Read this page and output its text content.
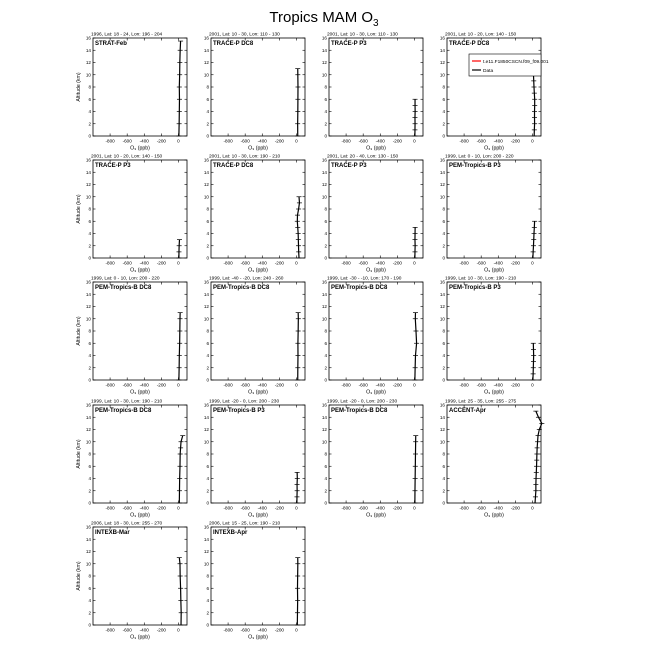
Tropics MAM $O_3$
1996, Lat: 18 - 24, Lon: 196 - 204
STRAT-Feb
0
2
4
6
8
10
12
14
16
-800 -600 -400 -200 0
O₃ (ppb)
Altitude (km)
2001, Lat: 10 - 30, Lon: 110 - 130
TRACE-P DC8
0
2
4
6
8
10
12
14
16
-800 -600 -400 -200 0
O₃ (ppb)
2001, Lat: 10 - 30, Lon: 110 - 130
TRACE-P P3
0
2
4
6
8
10
12
14
16
-800 -600 -400 -200 0
O₃ (ppb)
2001, Lat: 10 - 20, Lon: 140 - 150
TRACE-P DC8
0
2
4
6
8
10
12
14
16
-800 -600 -400 -200 0
O₃ (ppb)
t.e11.F1850CSCN.f09_f09.001
Data
2001, Lat: 10 - 20, Lon: 140 - 150
TRACE-P P3
0
2
4
6
8
10
12
14
16
-800 -600 -400 -200 0
O₃ (ppb)
Altitude (km)
2001, Lat: 10 - 30, Lon: 190 - 210
TRACE-P DC8
0
2
4
6
8
10
12
14
16
-800 -600 -400 -200 0
O₃ (ppb)
2001, Lat: 20 - 40, Lon: 130 - 150
TRACE-P P3
0
2
4
6
8
10
12
14
16
-800 -600 -400 -200 0
O₃ (ppb)
1999, Lat: 0 - 10, Lon: 200 - 220
PEM-Tropics-B P3
0
2
4
6
8
10
12
14
16
-800 -600 -400 -200 0
O₃ (ppb)
1999, Lat: 0 - 10, Lon: 200 - 220
PEM-Tropics-B DC8
0
2
4
6
8
10
12
14
16
-800 -600 -400 -200 0
O₃ (ppb)
Altitude (km)
1999, Lat: -40 - -20, Lon: 240 - 260
PEM-Tropics-B DC8
0
2
4
6
8
10
12
14
16
-800 -600 -400 -200 0
O₃ (ppb)
1999, Lat: -30 - -10, Lon: 170 - 190
PEM-Tropics-B DC8
0
2
4
6
8
10
12
14
16
-800 -600 -400 -200 0
O₃ (ppb)
1999, Lat: 10 - 30, Lon: 190 - 210
PEM-Tropics-B P3
0
2
4
6
8
10
12
14
16
-800 -600 -400 -200 0
O₃ (ppb)
1999, Lat: 10 - 30, Lon: 190 - 210
PEM-Tropics-B DC8
0
2
4
6
8
10
12
14
16
-800 -600 -400 -200 0
O₃ (ppb)
Altitude (km)
1999, Lat: -20 - 0, Lon: 200 - 230
PEM-Tropics-B P3
0
2
4
6
8
10
12
14
16
-800 -600 -400 -200 0
O₃ (ppb)
1999, Lat: -20 - 0, Lon: 200 - 230
PEM-Tropics-B DC8
0
2
4
6
8
10
12
14
16
-800 -600 -400 -200 0
O₃ (ppb)
1999, Lat: 25 - 35, Lon: 255 - 275
ACCENT-Apr
0
2
4
6
8
10
12
14
16
-800 -600 -400 -200 0
O₃ (ppb)
2006, Lat: 18 - 30, Lon: 255 - 270
INTEXB-Mar
0
2
4
6
8
10
12
14
16
-800 -600 -400 -200 0
O₃ (ppb)
Altitude (km)
2006, Lat: 15 - 25, Lon: 190 - 210
INTEXB-Apr
0
2
4
6
8
10
12
14
16
-800 -600 -400 -200 0
O₃ (ppb)
